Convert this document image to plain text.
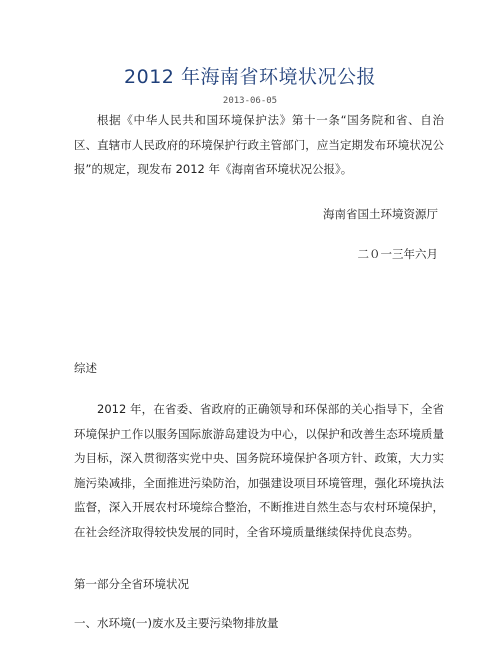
2012 年海南省环境状况公报
2013-06-05

根据《中华人民共和国环境保护法》第十一条“国务院和省、自治区、直辖市人民政府的环境保护行政主管部门，应当定期发布环境状况公报”的规定，现发布 2012 年《海南省环境状况公报》。

海南省国土环境资源厅
二０一三年六月
综述

2012 年，在省委、省政府的正确领导和环保部的关心指导下，全省环境保护工作以服务国际旅游岛建设为中心，以保护和改善生态环境质量为目标，深入贯彻落实党中央、国务院环境保护各项方针、政策，大力实施污染减排，全面推进污染防治，加强建设项目环境管理，强化环境执法监督，深入开展农村环境综合整治，不断推进自然生态与农村环境保护，在社会经济取得较快发展的同时，全省环境质量继续保持优良态势。

第一部分全省环境状况
一、水环境(一)废水及主要污染物排放量
